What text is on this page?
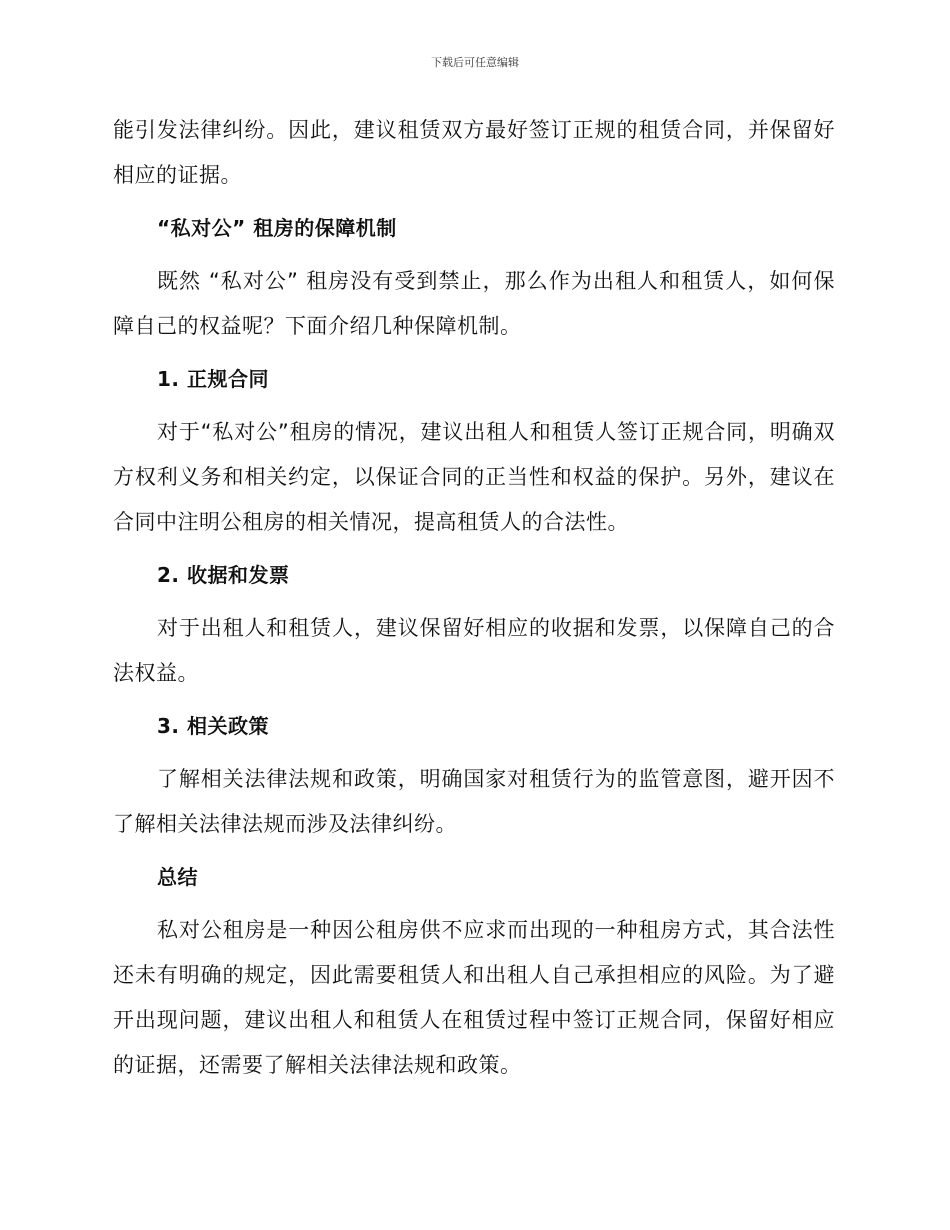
下载后可任意编辑

能引发法律纠纷。因此，建议租赁双方最好签订正规的租赁合同，并保留好相应的证据。

“私对公” 租房的保障机制

既然 “私对公” 租房没有受到禁止，那么作为出租人和租赁人，如何保障自己的权益呢？下面介绍几种保障机制。

1. 正规合同

对于“私对公”租房的情况，建议出租人和租赁人签订正规合同，明确双方权利义务和相关约定，以保证合同的正当性和权益的保护。另外，建议在合同中注明公租房的相关情况，提高租赁人的合法性。

2. 收据和发票

对于出租人和租赁人，建议保留好相应的收据和发票，以保障自己的合法权益。

3. 相关政策

了解相关法律法规和政策，明确国家对租赁行为的监管意图，避开因不了解相关法律法规而涉及法律纠纷。

总结

私对公租房是一种因公租房供不应求而出现的一种租房方式，其合法性还未有明确的规定，因此需要租赁人和出租人自己承担相应的风险。为了避开出现问题，建议出租人和租赁人在租赁过程中签订正规合同，保留好相应的证据，还需要了解相关法律法规和政策。
